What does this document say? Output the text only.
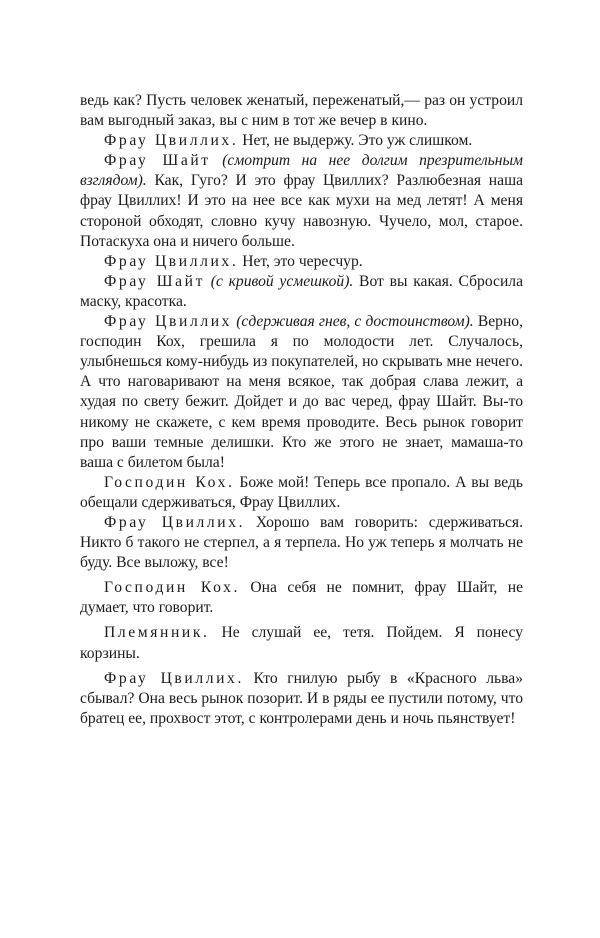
ведь как? Пусть человек женатый, переженатый,— раз он устроил вам выгодный заказ, вы с ним в тот же вечер в кино.

Фрау Цвиллих. Нет, не выдержу. Это уж слишком.

Фрау Шайт (смотрит на нее долгим презрительным взглядом). Как, Гуго? И это фрау Цвиллих? Разлюбезная наша фрау Цвиллих! И это на нее все как мухи на мед летят! А меня стороной обходят, словно кучу навозную. Чучело, мол, старое. Потаскуха она и ничего больше.

Фрау Цвиллих. Нет, это чересчур.

Фрау Шайт (с кривой усмешкой). Вот вы какая. Сбросила маску, красотка.

Фрау Цвиллих (сдерживая гнев, с достоинством). Верно, господин Кох, грешила я по молодости лет. Случалось, улыбнешься кому-нибудь из покупателей, но скрывать мне нечего. А что наговаривают на меня всякое, так добрая слава лежит, а худая по свету бежит. Дойдет и до вас черед, фрау Шайт. Вы-то никому не скажете, с кем время проводите. Весь рынок говорит про ваши темные делишки. Кто же этого не знает, мамаша-то ваша с билетом была!

Господин Кох. Боже мой! Теперь все пропало. А вы ведь обещали сдерживаться, Фрау Цвиллих.

Фрау Цвиллих. Хорошо вам говорить: сдерживаться. Никто б такого не стерпел, а я терпела. Но уж теперь я молчать не буду. Все выложу, все!

Господин Кох. Она себя не помнит, фрау Шайт, не думает, что говорит.

Племянник. Не слушай ее, тетя. Пойдем. Я понесу корзины.

Фрау Цвиллих. Кто гнилую рыбу в «Красного льва» сбывал? Она весь рынок позорит. И в ряды ее пустили потому, что братец ее, прохвост этот, с контролерами день и ночь пьянствует!
